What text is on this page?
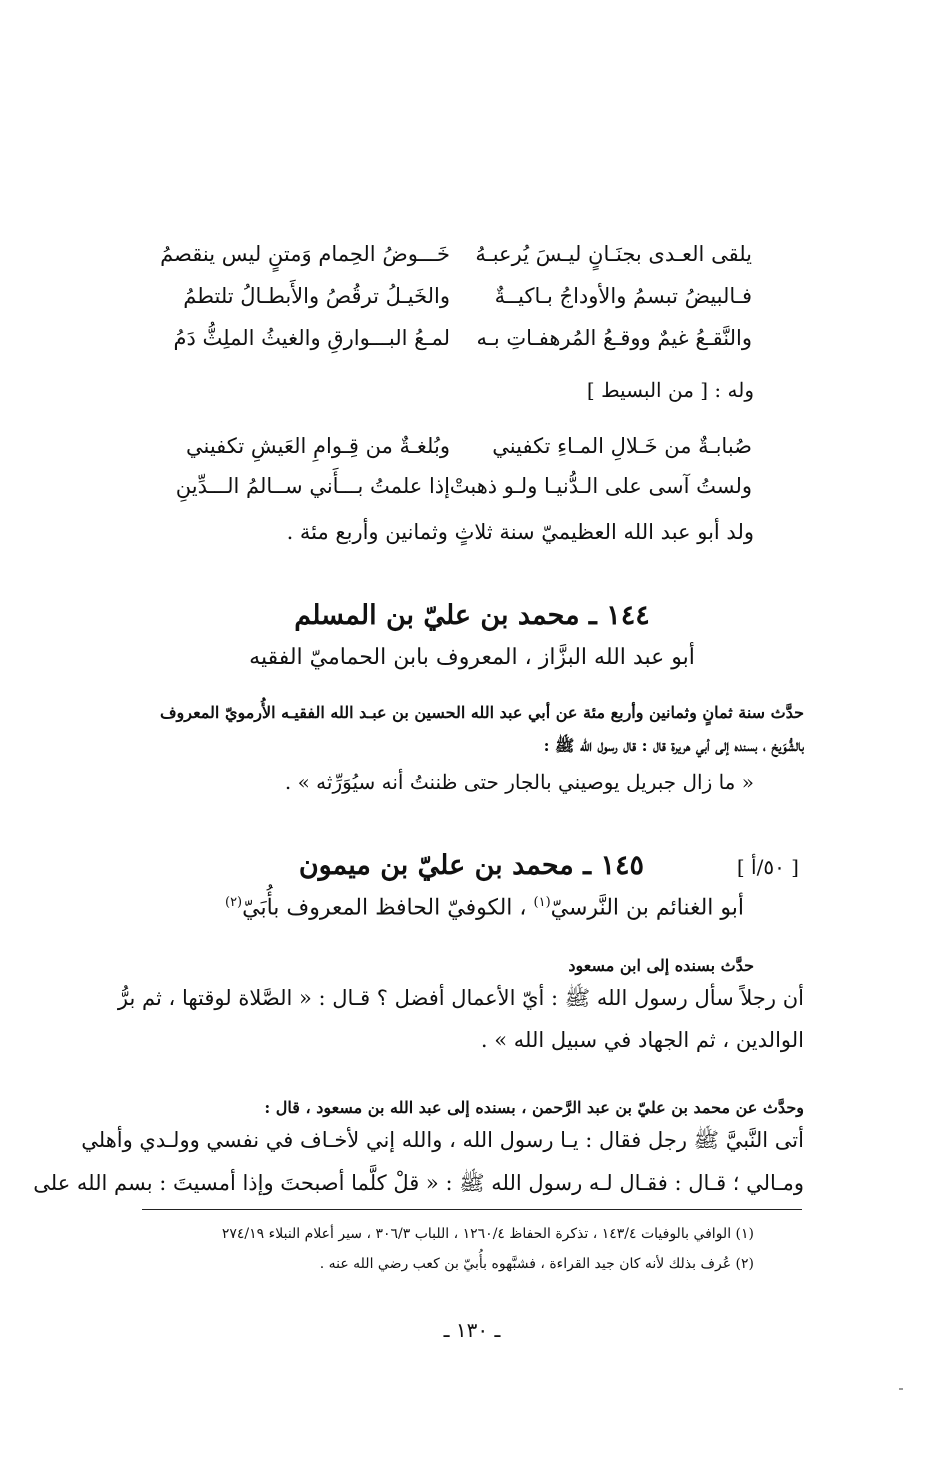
يلقى العـدى بجنَـانٍ ليـسَ يُرعبـهُ
خَـــوضُ الحِمام وَمتنٍ ليس ينقصمُ
فـالبيضُ تبسمُ والأوداجُ بـاكيــةٌ
والخَيـلُ ترقُصُ والأَبطـالُ تلتطمُ
والنَّقـعُ غيمٌ ووقـعُ المُرهفـاتِ بـه
لمـعُ البـــوارقِ والغيثُ الملِثُّ دَمُ
وله : [ من البسيط ]
صُبابـةٌ من خَـلالِ المـاءِ تكفيني
وبُلغـةٌ من قِـوامِ العَيشِ تكفيني
ولستُ آسى على الـدُّنيـا ولـو ذهبتْ
إذا علمتُ بـــأَني ســالمُ الـــدِّينِ
ولد أبو عبد الله العظيميّ سنة ثلاثٍ وثمانين وأربع مئة .
١٤٤ ـ محمد بن عليّ بن المسلم
أبو عبد الله البزَّاز ، المعروف بابن الحماميّ الفقيه
حدَّث سنة ثمانٍ وثمانين وأربع مئة عن أبي عبد الله الحسين بن عبـد الله الفقيـه الأُرمويّ المعروف
بالشُّوَيخ ، بسنده إلى أبي هريرة قال : قال رسول الله ﷺ :
« ما زال جبريل يوصيني بالجار حتى ظننتُ أنه سيُوَرِّثه » .
[ ٥٠/أ ]
١٤٥ ـ محمد بن عليّ بن ميمون
أبو الغنائم بن النَّرسيّ$^{(١)}$ ، الكوفيّ الحافظ المعروف بأُبَيّ$^{(٢)}$
حدَّث بسنده إلى ابن مسعود
أن رجلاً سأل رسول الله ﷺ : أيّ الأعمال أفضل ؟ قـال : « الصَّلاة لوقتها ، ثم برُّ
الوالدين ، ثم الجهاد في سبيل الله » .
وحدَّث عن محمد بن عليّ بن عبد الرَّحمن ، بسنده إلى عبد الله بن مسعود ، قال :
أتى النَّبيَّ ﷺ رجل فقال : يـا رسول الله ، والله إني لأخـاف في نفسي وولـدي وأهلي
ومـالي ؛ قـال : فقـال لـه رسول الله ﷺ : « قلْ كلَّما أصبحتَ وإذا أمسيتَ : بسم الله على
(١) الوافي بالوفيات ١٤٣/٤ ، تذكرة الحفاظ ١٢٦٠/٤ ، اللباب ٣٠٦/٣ ، سير أعلام النبلاء ٢٧٤/١٩
(٢) عُرف بذلك لأنه كان جيد القراءة ، فشبَّهوه بأُبيّ بن كعب رضي الله عنه .
ـ ١٣٠ ـ
